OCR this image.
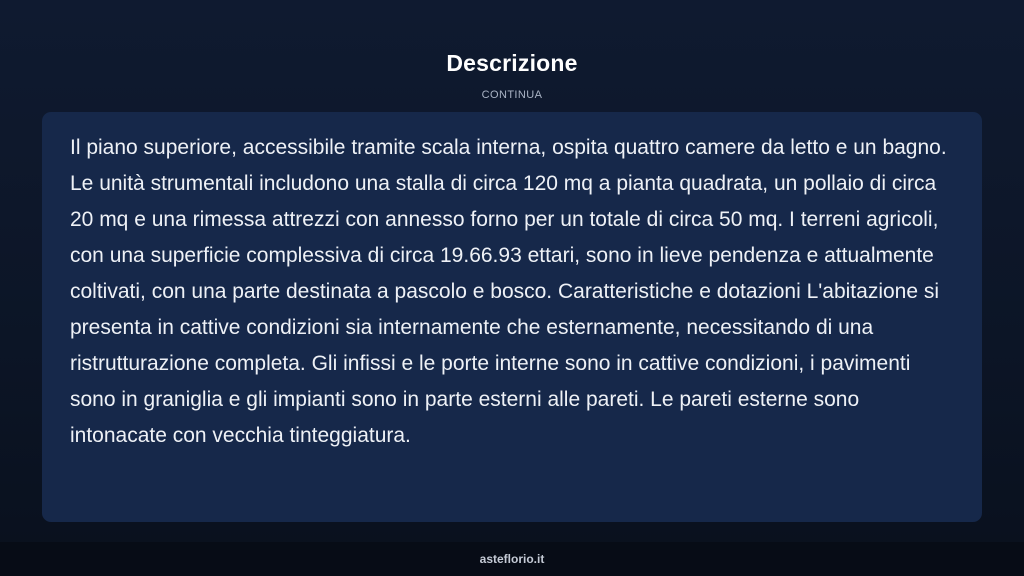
Descrizione
CONTINUA

Il piano superiore, accessibile tramite scala interna, ospita quattro camere da letto e un bagno. Le unità strumentali includono una stalla di circa 120 mq a pianta quadrata, un pollaio di circa 20 mq e una rimessa attrezzi con annesso forno per un totale di circa 50 mq. I terreni agricoli, con una superficie complessiva di circa 19.66.93 ettari, sono in lieve pendenza e attualmente coltivati, con una parte destinata a pascolo e bosco. Caratteristiche e dotazioni L'abitazione si presenta in cattive condizioni sia internamente che esternamente, necessitando di una ristrutturazione completa. Gli infissi e le porte interne sono in cattive condizioni, i pavimenti sono in graniglia e gli impianti sono in parte esterni alle pareti. Le pareti esterne sono intonacate con vecchia tinteggiatura.

asteflorio.it
